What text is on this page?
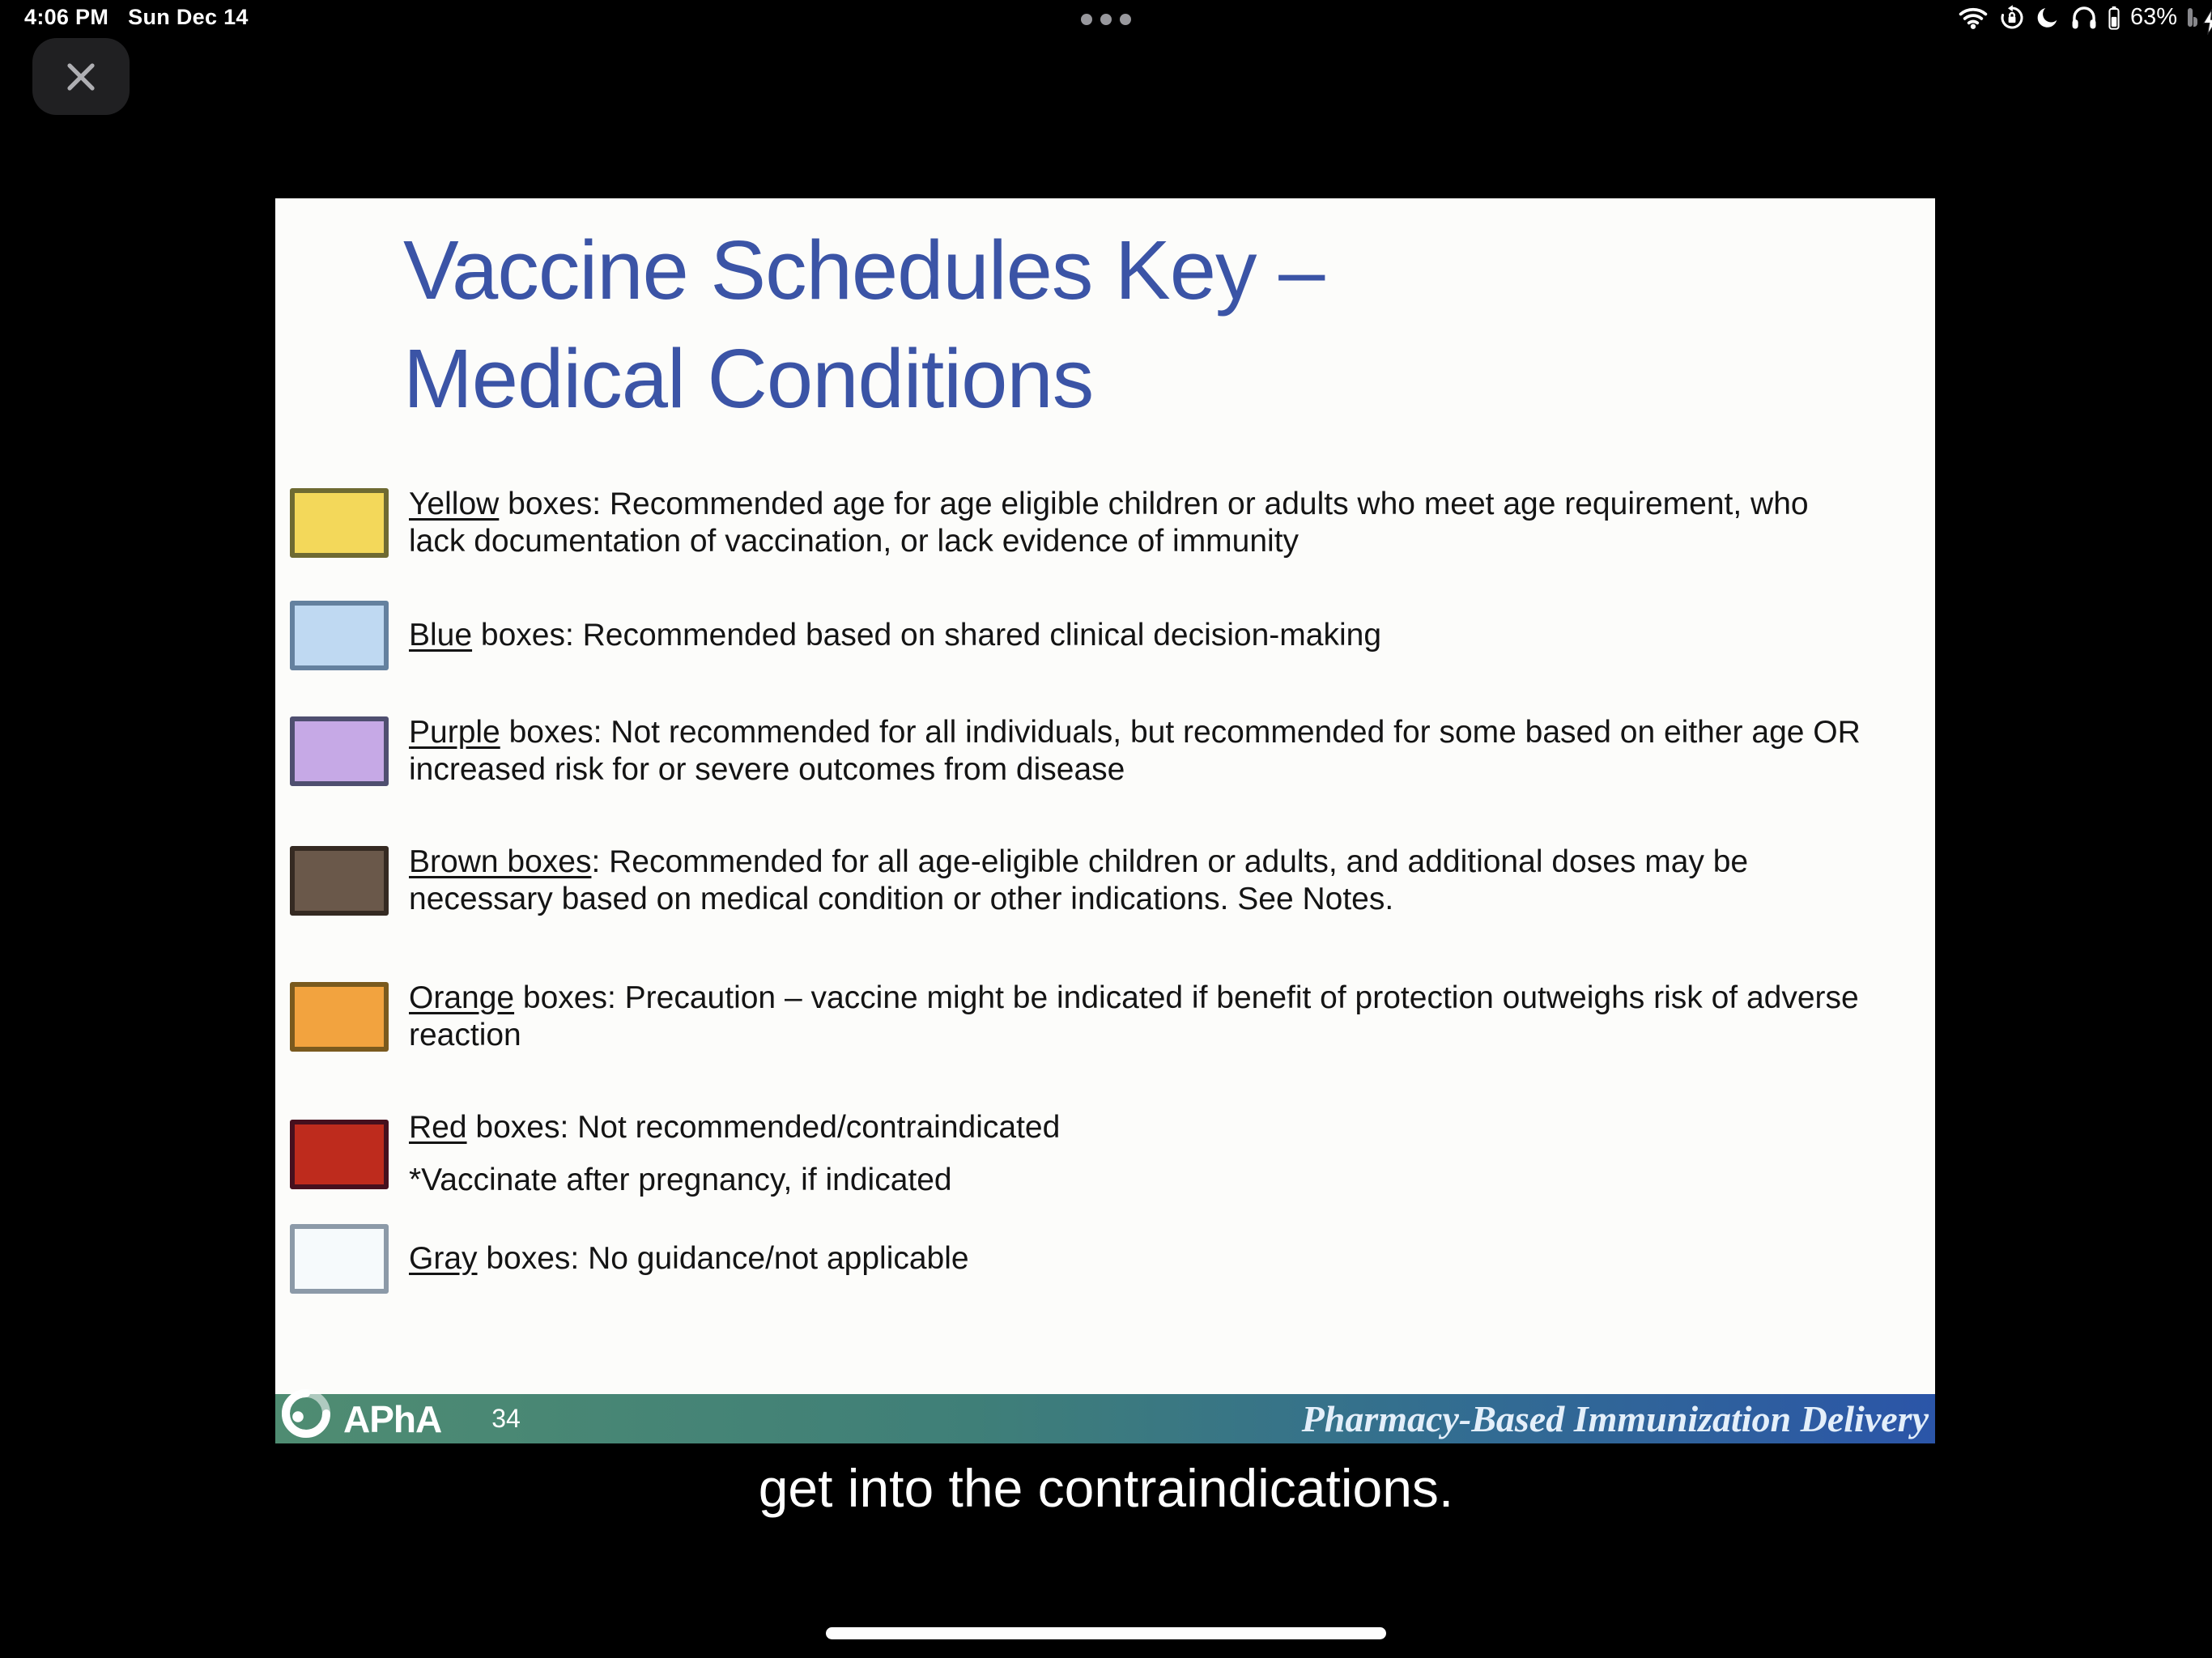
4:06 PM Sun Dec 14	63%
Vaccine Schedules Key –
Medical Conditions
Yellow boxes: Recommended age for age eligible children or adults who meet age requirement, who lack documentation of vaccination, or lack evidence of immunity
Blue boxes: Recommended based on shared clinical decision-making
Purple boxes: Not recommended for all individuals, but recommended for some based on either age OR increased risk for or severe outcomes from disease
Brown boxes: Recommended for all age-eligible children or adults, and additional doses may be necessary based on medical condition or other indications. See Notes.
Orange boxes: Precaution – vaccine might be indicated if benefit of protection outweighs risk of adverse reaction
Red boxes: Not recommended/contraindicated
*Vaccinate after pregnancy, if indicated
Gray boxes: No guidance/not applicable
APhA 34	Pharmacy-Based Immunization Delivery
get into the contraindications.
